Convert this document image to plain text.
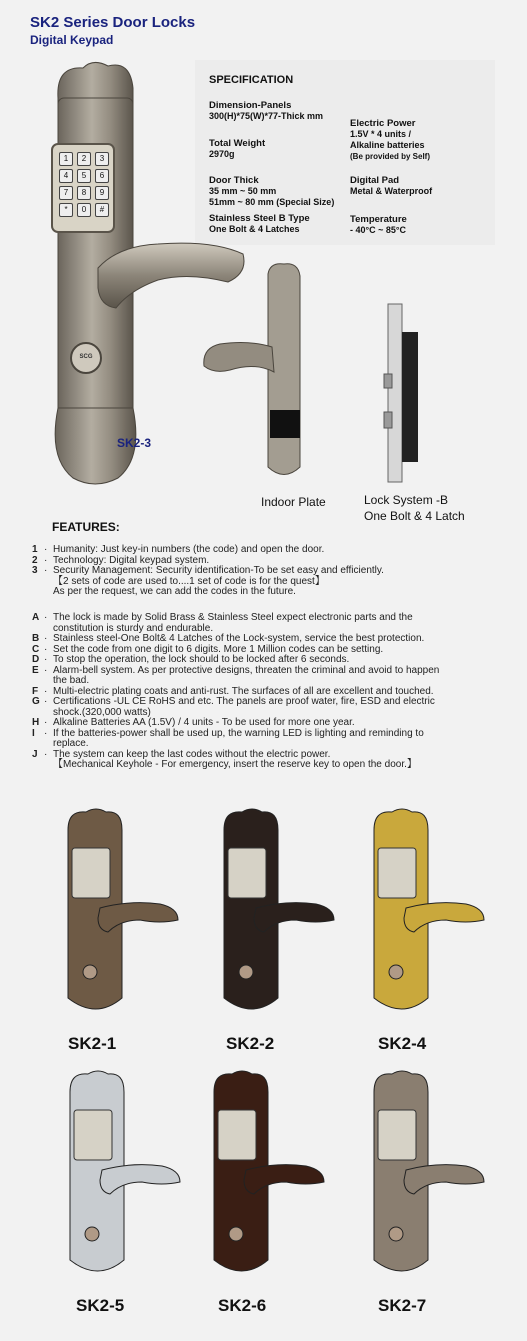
SK2 Series Door Locks
Digital Keypad
1	2	3
4	5	6
7	8	9
*	0	#
SCG
SK2-3
SPECIFICATION
Dimension-Panels
300(H)*75(W)*77-Thick mm
Total Weight
2970g
Door Thick
35 mm ~ 50 mm
51mm ~ 80 mm (Special Size)
Stainless Steel B Type
One Bolt & 4 Latches
Electric Power
1.5V * 4 units /
Alkaline batteries
(Be provided by Self)
Digital Pad
Metal & Waterproof
Temperature
- 40°C ~ 85°C
Indoor Plate	Lock System -B
One Bolt & 4 Latch
FEATURES:
1 · Humanity: Just key-in numbers (the code) and open the door.
2 · Technology: Digital keypad system.
3 · Security Management: Security identification-To be set easy and efficiently.
【2 sets of code are used to....1 set of code is for the quest】
As per the request, we can add the codes in the future.
A · The lock is made by Solid Brass & Stainless Steel expect electronic parts and the constitution is sturdy and endurable.
B · Stainless steel-One Bolt& 4 Latches of the Lock-system, service the best protection.
C · Set the code from one digit to 6 digits. More 1 Million codes can be setting.
D · To stop the operation, the lock should to be locked after 6 seconds.
E · Alarm-bell system. As per protective designs, threaten the criminal and avoid to happen the bad.
F · Multi-electric plating coats and anti-rust. The surfaces of all are excellent and touched.
G · Certifications -UL CE RoHS and etc. The panels are proof water, fire, ESD and electric shock.(320,000 watts)
H · Alkaline Batteries AA (1.5V) / 4 units - To be used for more one year.
I · If the batteries-power shall be used up, the warning LED is lighting and reminding to replace.
J · The system can keep the last codes without the electric power.
【Mechanical Keyhole - For emergency, insert the reserve key to open the door.】
SK2-1	SK2-2	SK2-4
SK2-5	SK2-6	SK2-7
